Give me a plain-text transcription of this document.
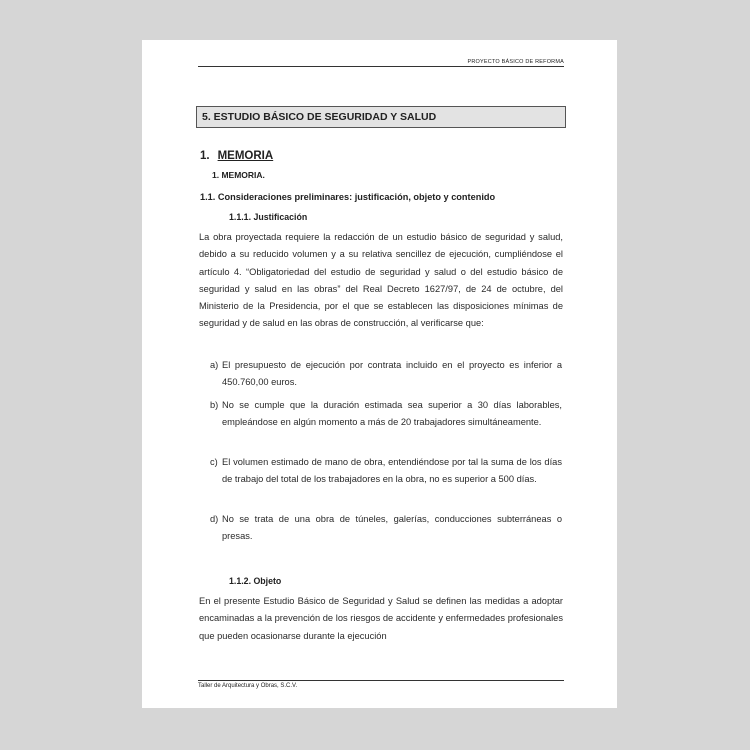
PROYECTO BÁSICO DE REFORMA
5. ESTUDIO BÁSICO DE SEGURIDAD Y SALUD
1. MEMORIA
1. MEMORIA.
1.1. Consideraciones preliminares: justificación, objeto y contenido
1.1.1. Justificación
La obra proyectada requiere la redacción de un estudio básico de seguridad y salud, debido a su reducido volumen y a su relativa sencillez de ejecución, cumpliéndose el artículo 4. “Obligatoriedad del estudio de seguridad y salud o del estudio básico de seguridad y salud en las obras” del Real Decreto 1627/97, de 24 de octubre, del Ministerio de la Presidencia, por el que se establecen las disposiciones mínimas de seguridad y de salud en las obras de construcción, al verificarse que:
a) El presupuesto de ejecución por contrata incluido en el proyecto es inferior a 450.760,00 euros.
b) No se cumple que la duración estimada sea superior a 30 días laborables, empleándose en algún momento a más de 20 trabajadores simultáneamente.
c) El volumen estimado de mano de obra, entendiéndose por tal la suma de los días de trabajo del total de los trabajadores en la obra, no es superior a 500 días.
d) No se trata de una obra de túneles, galerías, conducciones subterráneas o presas.
1.1.2. Objeto
En el presente Estudio Básico de Seguridad y Salud se definen las medidas a adoptar encaminadas a la prevención de los riesgos de accidente y enfermedades profesionales que pueden ocasionarse durante la ejecución
Taller de Arquitectura y Obras, S.C.V.
